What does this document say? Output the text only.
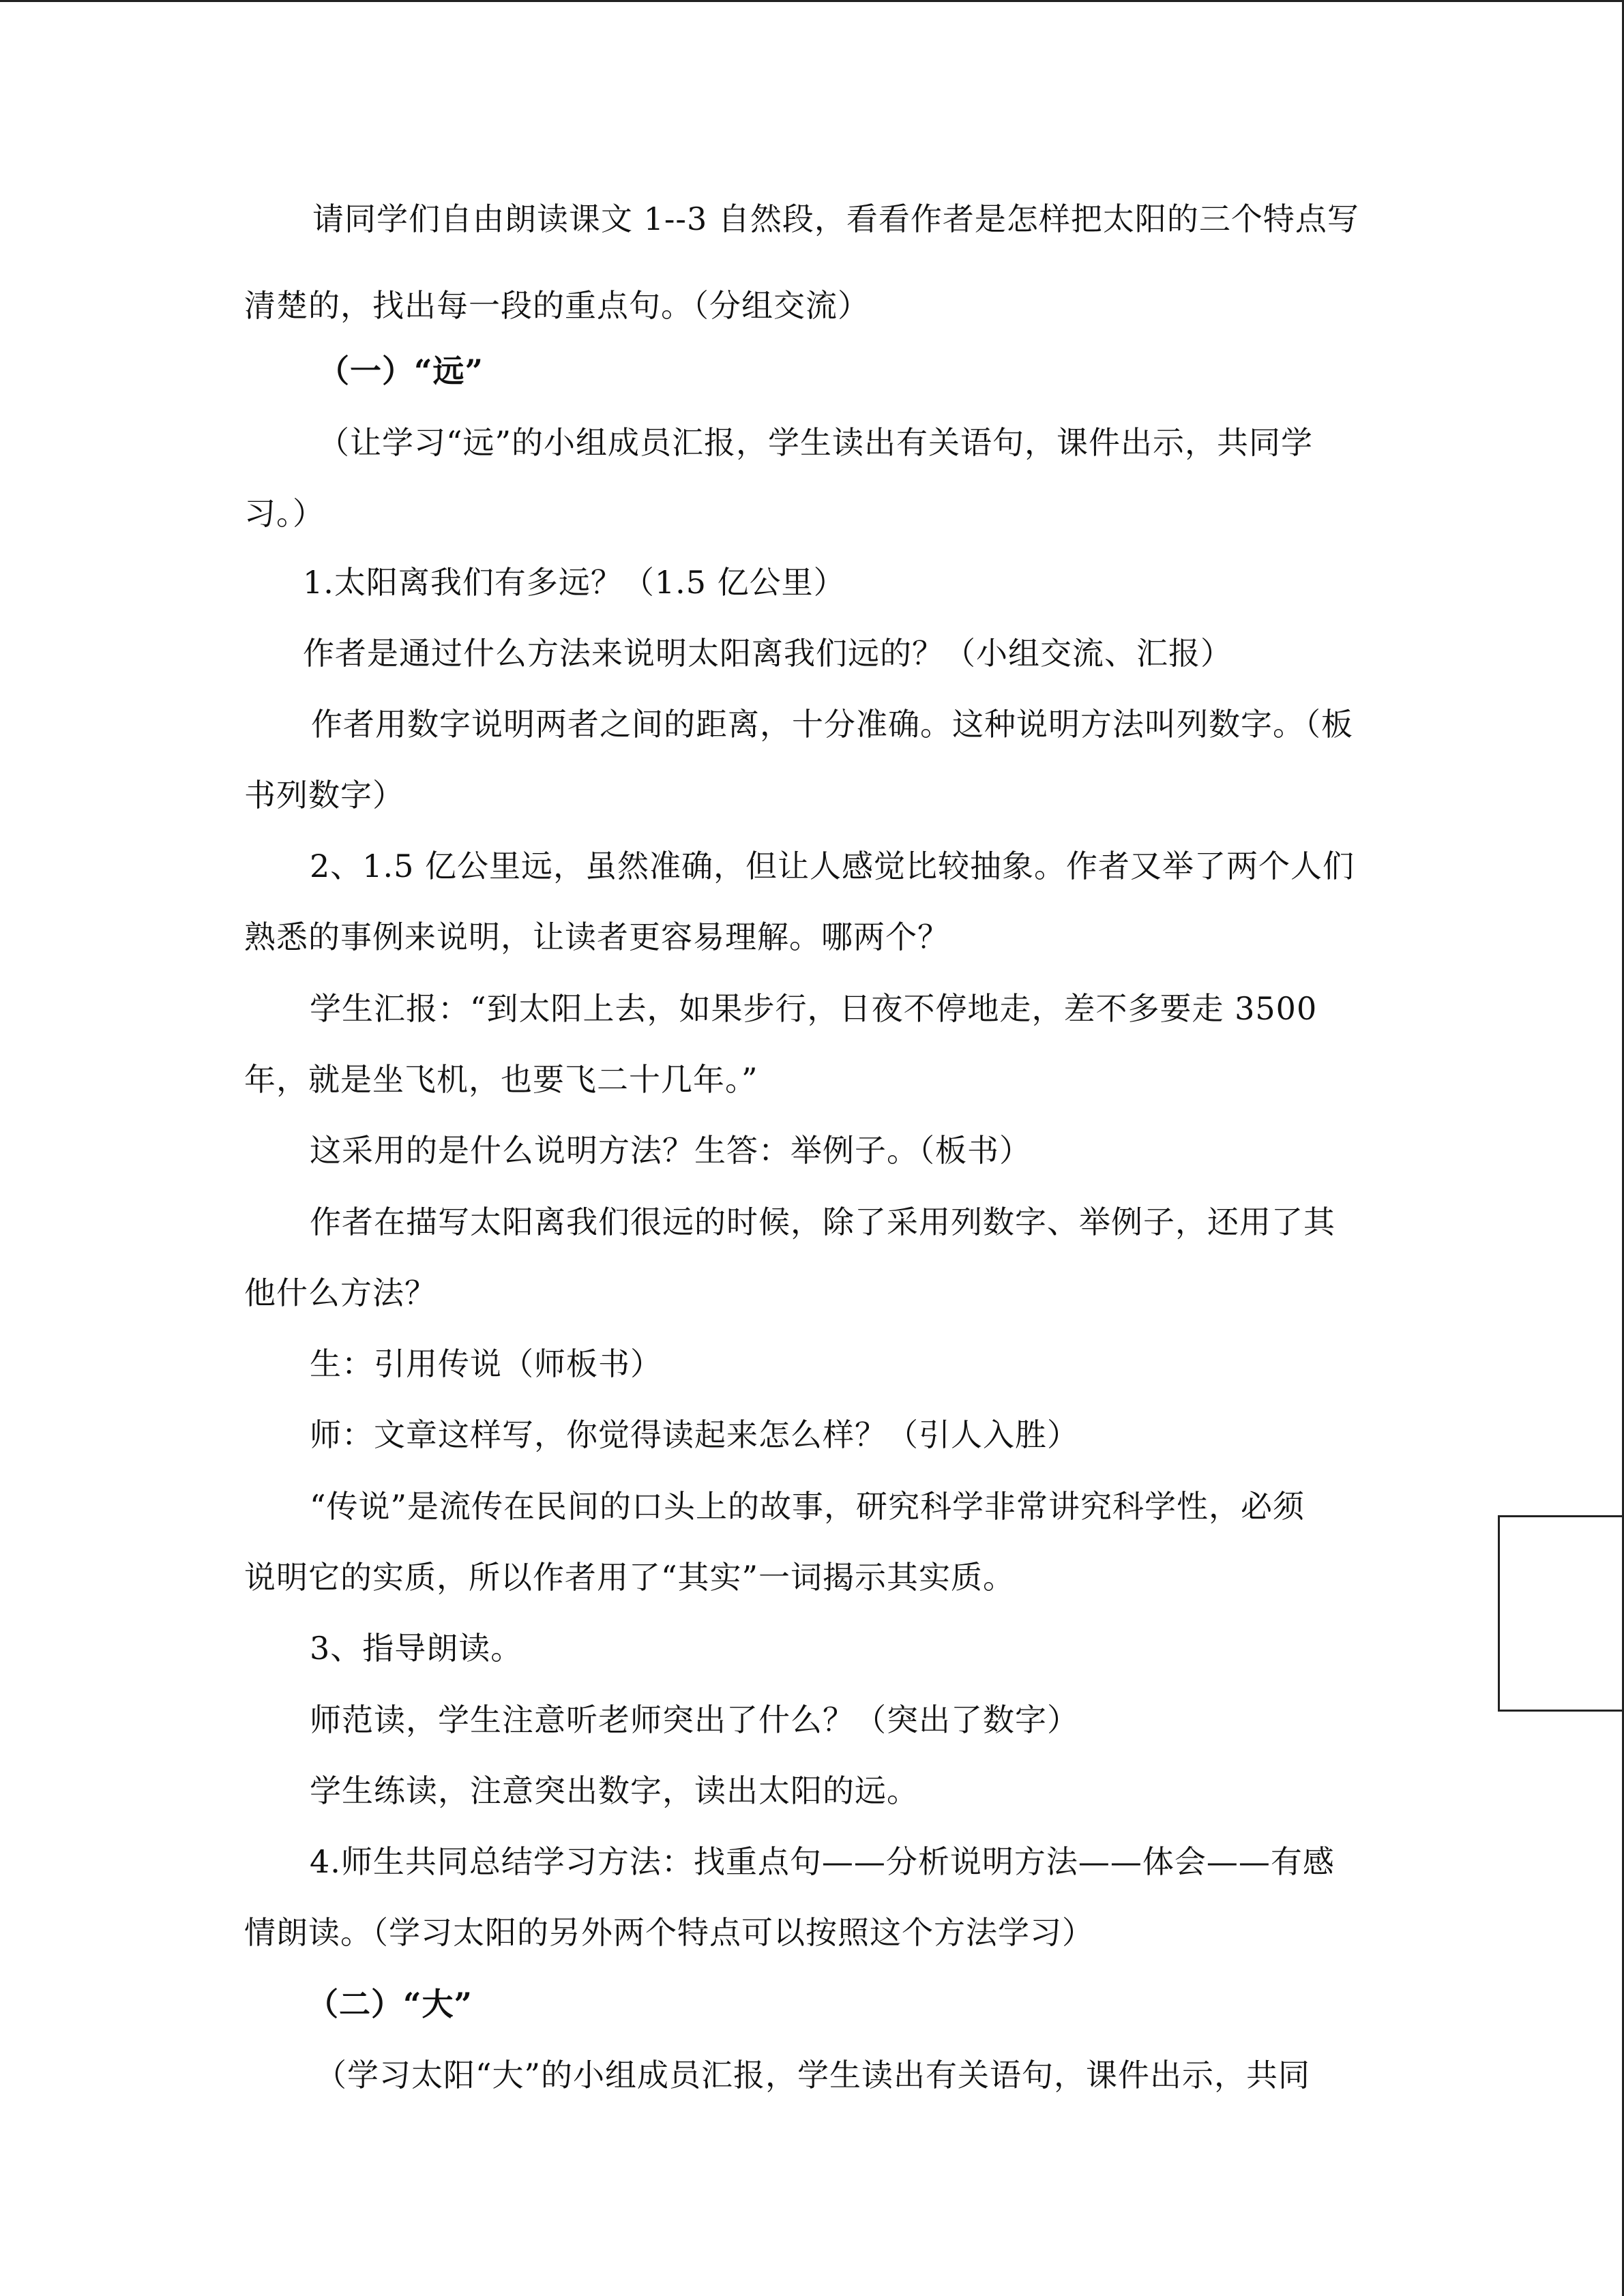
请同学们自由朗读课文 1--3 自然段，看看作者是怎样把太阳的三个特点写
清楚的，找出每一段的重点句。（分组交流）
（一）“远”
（让学习“远”的小组成员汇报，学生读出有关语句，课件出示，共同学
习。）
1.太阳离我们有多远？（1.5 亿公里）
作者是通过什么方法来说明太阳离我们远的？（小组交流、汇报）
作者用数字说明两者之间的距离，十分准确。这种说明方法叫列数字。（板
书列数字）
2、1.5 亿公里远，虽然准确，但让人感觉比较抽象。作者又举了两个人们
熟悉的事例来说明，让读者更容易理解。哪两个？
学生汇报：“到太阳上去，如果步行，日夜不停地走，差不多要走 3500
年，就是坐飞机，也要飞二十几年。”
这采用的是什么说明方法？生答：举例子。（板书）
作者在描写太阳离我们很远的时候，除了采用列数字、举例子，还用了其
他什么方法？
生：引用传说（师板书）
师：文章这样写，你觉得读起来怎么样？（引人入胜）
“传说”是流传在民间的口头上的故事，研究科学非常讲究科学性，必须
说明它的实质，所以作者用了“其实”一词揭示其实质。
3、指导朗读。
师范读，学生注意听老师突出了什么？（突出了数字）
学生练读，注意突出数字，读出太阳的远。
4.师生共同总结学习方法：找重点句——分析说明方法——体会——有感
情朗读。（学习太阳的另外两个特点可以按照这个方法学习）
（二）“大”
（学习太阳“大”的小组成员汇报，学生读出有关语句，课件出示，共同
